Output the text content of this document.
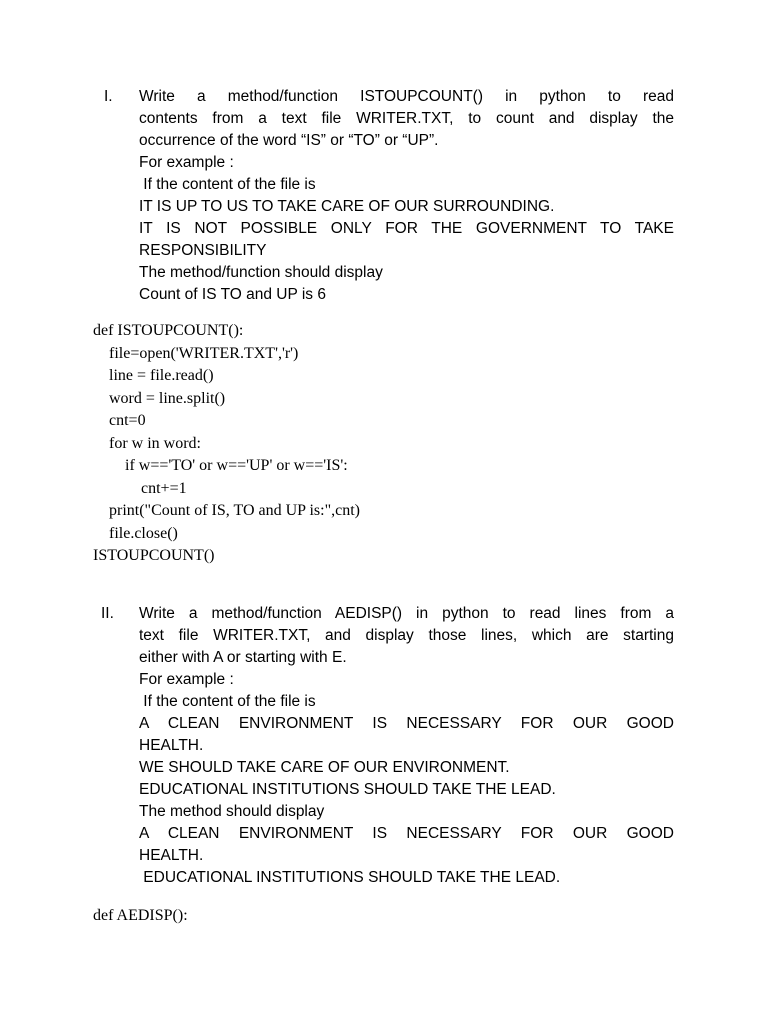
I. Write a method/function ISTOUPCOUNT() in python to read
contents from a text file WRITER.TXT, to count and display the
occurrence of the word “IS” or “TO” or “UP”.
For example :
If the content of the file is
IT IS UP TO US TO TAKE CARE OF OUR SURROUNDING.
IT IS NOT POSSIBLE ONLY FOR THE GOVERNMENT TO TAKE
RESPONSIBILITY
The method/function should display
Count of IS TO and UP is 6
def ISTOUPCOUNT():
file=open('WRITER.TXT','r')
line = file.read()
word = line.split()
cnt=0
for w in word:
if w=='TO' or w=='UP' or w=='IS':
cnt+=1
print("Count of IS, TO and UP is:",cnt)
file.close()
ISTOUPCOUNT()
II. Write a method/function AEDISP() in python to read lines from a
text file WRITER.TXT, and display those lines, which are starting
either with A or starting with E.
For example :
If the content of the file is
A CLEAN ENVIRONMENT IS NECESSARY FOR OUR GOOD
HEALTH.
WE SHOULD TAKE CARE OF OUR ENVIRONMENT.
EDUCATIONAL INSTITUTIONS SHOULD TAKE THE LEAD.
The method should display
A CLEAN ENVIRONMENT IS NECESSARY FOR OUR GOOD
HEALTH.
EDUCATIONAL INSTITUTIONS SHOULD TAKE THE LEAD.
def AEDISP():
